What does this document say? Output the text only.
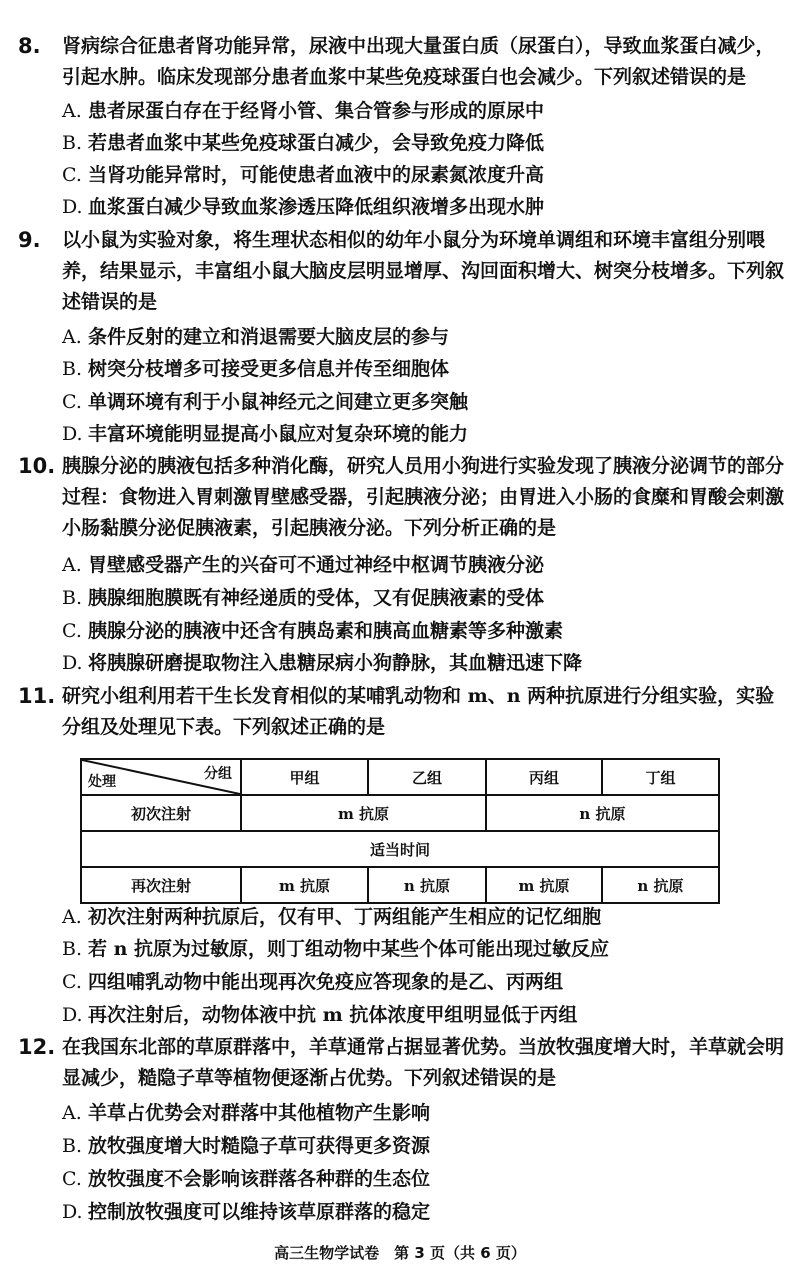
8. 肾病综合征患者肾功能异常，尿液中出现大量蛋白质（尿蛋白），导致血浆蛋白减少，引起水肿。临床发现部分患者血浆中某些免疫球蛋白也会减少。下列叙述错误的是
A. 患者尿蛋白存在于经肾小管、集合管参与形成的原尿中
B. 若患者血浆中某些免疫球蛋白减少，会导致免疫力降低
C. 当肾功能异常时，可能使患者血液中的尿素氮浓度升高
D. 血浆蛋白减少导致血浆渗透压降低组织液增多出现水肿
9. 以小鼠为实验对象，将生理状态相似的幼年小鼠分为环境单调组和环境丰富组分别喂养，结果显示，丰富组小鼠大脑皮层明显增厚、沟回面积增大、树突分枝增多。下列叙述错误的是
A. 条件反射的建立和消退需要大脑皮层的参与
B. 树突分枝增多可接受更多信息并传至细胞体
C. 单调环境有利于小鼠神经元之间建立更多突触
D. 丰富环境能明显提高小鼠应对复杂环境的能力
10. 胰腺分泌的胰液包括多种消化酶，研究人员用小狗进行实验发现了胰液分泌调节的部分过程：食物进入胃刺激胃壁感受器，引起胰液分泌；由胃进入小肠的食糜和胃酸会刺激小肠黏膜分泌促胰液素，引起胰液分泌。下列分析正确的是
A. 胃壁感受器产生的兴奋可不通过神经中枢调节胰液分泌
B. 胰腺细胞膜既有神经递质的受体，又有促胰液素的受体
C. 胰腺分泌的胰液中还含有胰岛素和胰高血糖素等多种激素
D. 将胰腺研磨提取物注入患糖尿病小狗静脉，其血糖迅速下降
11. 研究小组利用若干生长发育相似的某哺乳动物和 m、n 两种抗原进行分组实验，实验分组及处理见下表。下列叙述正确的是
处理 分组	甲组	乙组	丙组	丁组
初次注射	m 抗原		n 抗原	
适当时间				
再次注射	m 抗原	n 抗原	m 抗原	n 抗原
A. 初次注射两种抗原后，仅有甲、丁两组能产生相应的记忆细胞
B. 若 n 抗原为过敏原，则丁组动物中某些个体可能出现过敏反应
C. 四组哺乳动物中能出现再次免疫应答现象的是乙、丙两组
D. 再次注射后，动物体液中抗 m 抗体浓度甲组明显低于丙组
12. 在我国东北部的草原群落中，羊草通常占据显著优势。当放牧强度增大时，羊草就会明显减少，糙隐子草等植物便逐渐占优势。下列叙述错误的是
A. 羊草占优势会对群落中其他植物产生影响
B. 放牧强度增大时糙隐子草可获得更多资源
C. 放牧强度不会影响该群落各种群的生态位
D. 控制放牧强度可以维持该草原群落的稳定
高三生物学试卷　第 3 页（共 6 页）
